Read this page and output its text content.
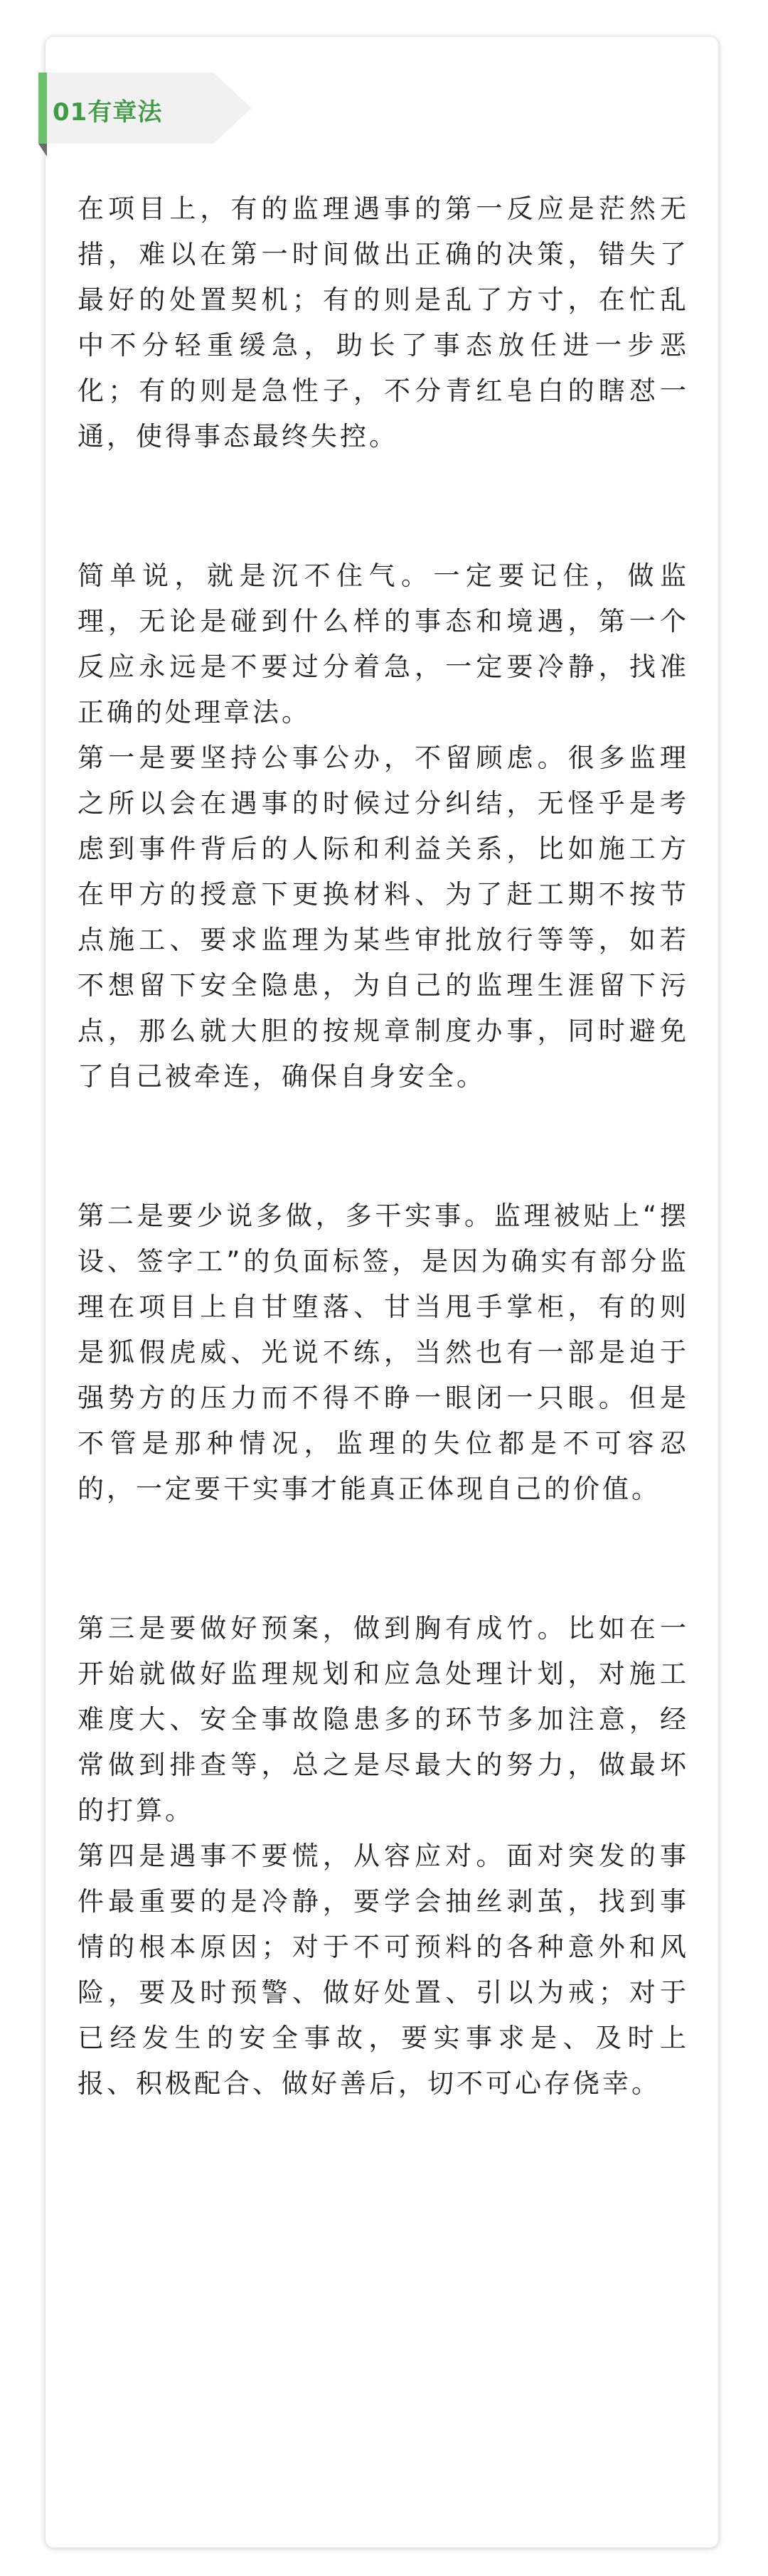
01有章法

在项目上，有的监理遇事的第一反应是茫然无措，难以在第一时间做出正确的决策，错失了最好的处置契机；有的则是乱了方寸，在忙乱中不分轻重缓急，助长了事态放任进一步恶化；有的则是急性子，不分青红皂白的瞎怼一通，使得事态最终失控。

简单说，就是沉不住气。一定要记住，做监理，无论是碰到什么样的事态和境遇，第一个反应永远是不要过分着急，一定要冷静，找准正确的处理章法。

第一是要坚持公事公办，不留顾虑。很多监理之所以会在遇事的时候过分纠结，无怪乎是考虑到事件背后的人际和利益关系，比如施工方在甲方的授意下更换材料、为了赶工期不按节点施工、要求监理为某些审批放行等等，如若不想留下安全隐患，为自己的监理生涯留下污点，那么就大胆的按规章制度办事，同时避免了自己被牵连，确保自身安全。

第二是要少说多做，多干实事。监理被贴上“摆设、签字工”的负面标签，是因为确实有部分监理在项目上自甘堕落、甘当甩手掌柜，有的则是狐假虎威、光说不练，当然也有一部是迫于强势方的压力而不得不睁一眼闭一只眼。但是不管是那种情况，监理的失位都是不可容忍的，一定要干实事才能真正体现自己的价值。

第三是要做好预案，做到胸有成竹。比如在一开始就做好监理规划和应急处理计划，对施工难度大、安全事故隐患多的环节多加注意，经常做到排查等，总之是尽最大的努力，做最坏的打算。

第四是遇事不要慌，从容应对。面对突发的事件最重要的是冷静，要学会抽丝剥茧，找到事情的根本原因；对于不可预料的各种意外和风险，要及时预警、做好处置、引以为戒；对于已经发生的安全事故，要实事求是、及时上报、积极配合、做好善后，切不可心存侥幸。
